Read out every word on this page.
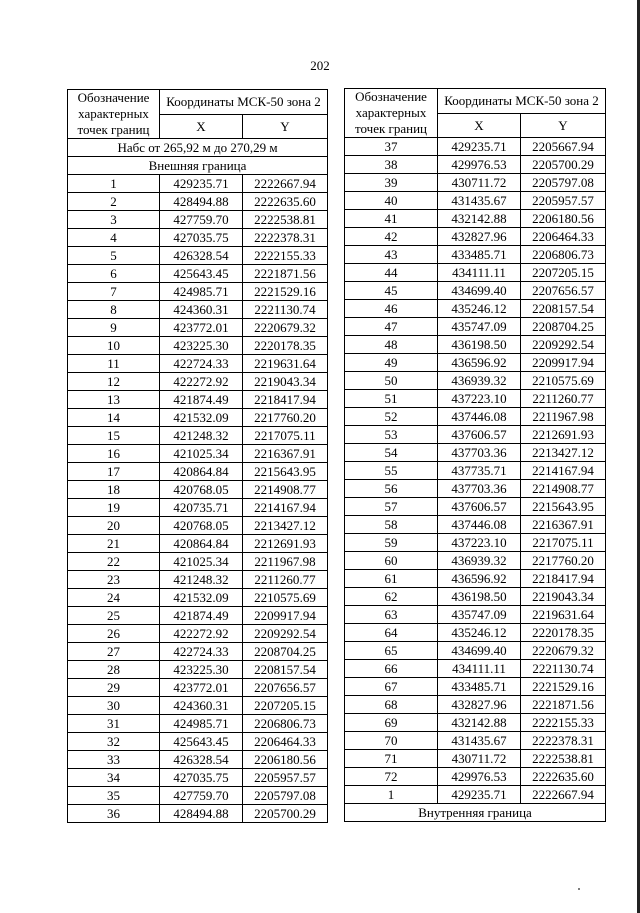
202
Обозначение характерных точек границ	Координаты МСК-50 зона 2	
	X	Y
Набс от 265,92 м до 270,29 м		
Внешняя граница		
1	429235.71	2222667.94
2	428494.88	2222635.60
3	427759.70	2222538.81
4	427035.75	2222378.31
5	426328.54	2222155.33
6	425643.45	2221871.56
7	424985.71	2221529.16
8	424360.31	2221130.74
9	423772.01	2220679.32
10	423225.30	2220178.35
11	422724.33	2219631.64
12	422272.92	2219043.34
13	421874.49	2218417.94
14	421532.09	2217760.20
15	421248.32	2217075.11
16	421025.34	2216367.91
17	420864.84	2215643.95
18	420768.05	2214908.77
19	420735.71	2214167.94
20	420768.05	2213427.12
21	420864.84	2212691.93
22	421025.34	2211967.98
23	421248.32	2211260.77
24	421532.09	2210575.69
25	421874.49	2209917.94
26	422272.92	2209292.54
27	422724.33	2208704.25
28	423225.30	2208157.54
29	423772.01	2207656.57
30	424360.31	2207205.15
31	424985.71	2206806.73
32	425643.45	2206464.33
33	426328.54	2206180.56
34	427035.75	2205957.57
35	427759.70	2205797.08
36	428494.88	2205700.29
Обозначение характерных точек границ	Координаты МСК-50 зона 2	
	X	Y
37	429235.71	2205667.94
38	429976.53	2205700.29
39	430711.72	2205797.08
40	431435.67	2205957.57
41	432142.88	2206180.56
42	432827.96	2206464.33
43	433485.71	2206806.73
44	434111.11	2207205.15
45	434699.40	2207656.57
46	435246.12	2208157.54
47	435747.09	2208704.25
48	436198.50	2209292.54
49	436596.92	2209917.94
50	436939.32	2210575.69
51	437223.10	2211260.77
52	437446.08	2211967.98
53	437606.57	2212691.93
54	437703.36	2213427.12
55	437735.71	2214167.94
56	437703.36	2214908.77
57	437606.57	2215643.95
58	437446.08	2216367.91
59	437223.10	2217075.11
60	436939.32	2217760.20
61	436596.92	2218417.94
62	436198.50	2219043.34
63	435747.09	2219631.64
64	435246.12	2220178.35
65	434699.40	2220679.32
66	434111.11	2221130.74
67	433485.71	2221529.16
68	432827.96	2221871.56
69	432142.88	2222155.33
70	431435.67	2222378.31
71	430711.72	2222538.81
72	429976.53	2222635.60
1	429235.71	2222667.94
Внутренняя граница		
